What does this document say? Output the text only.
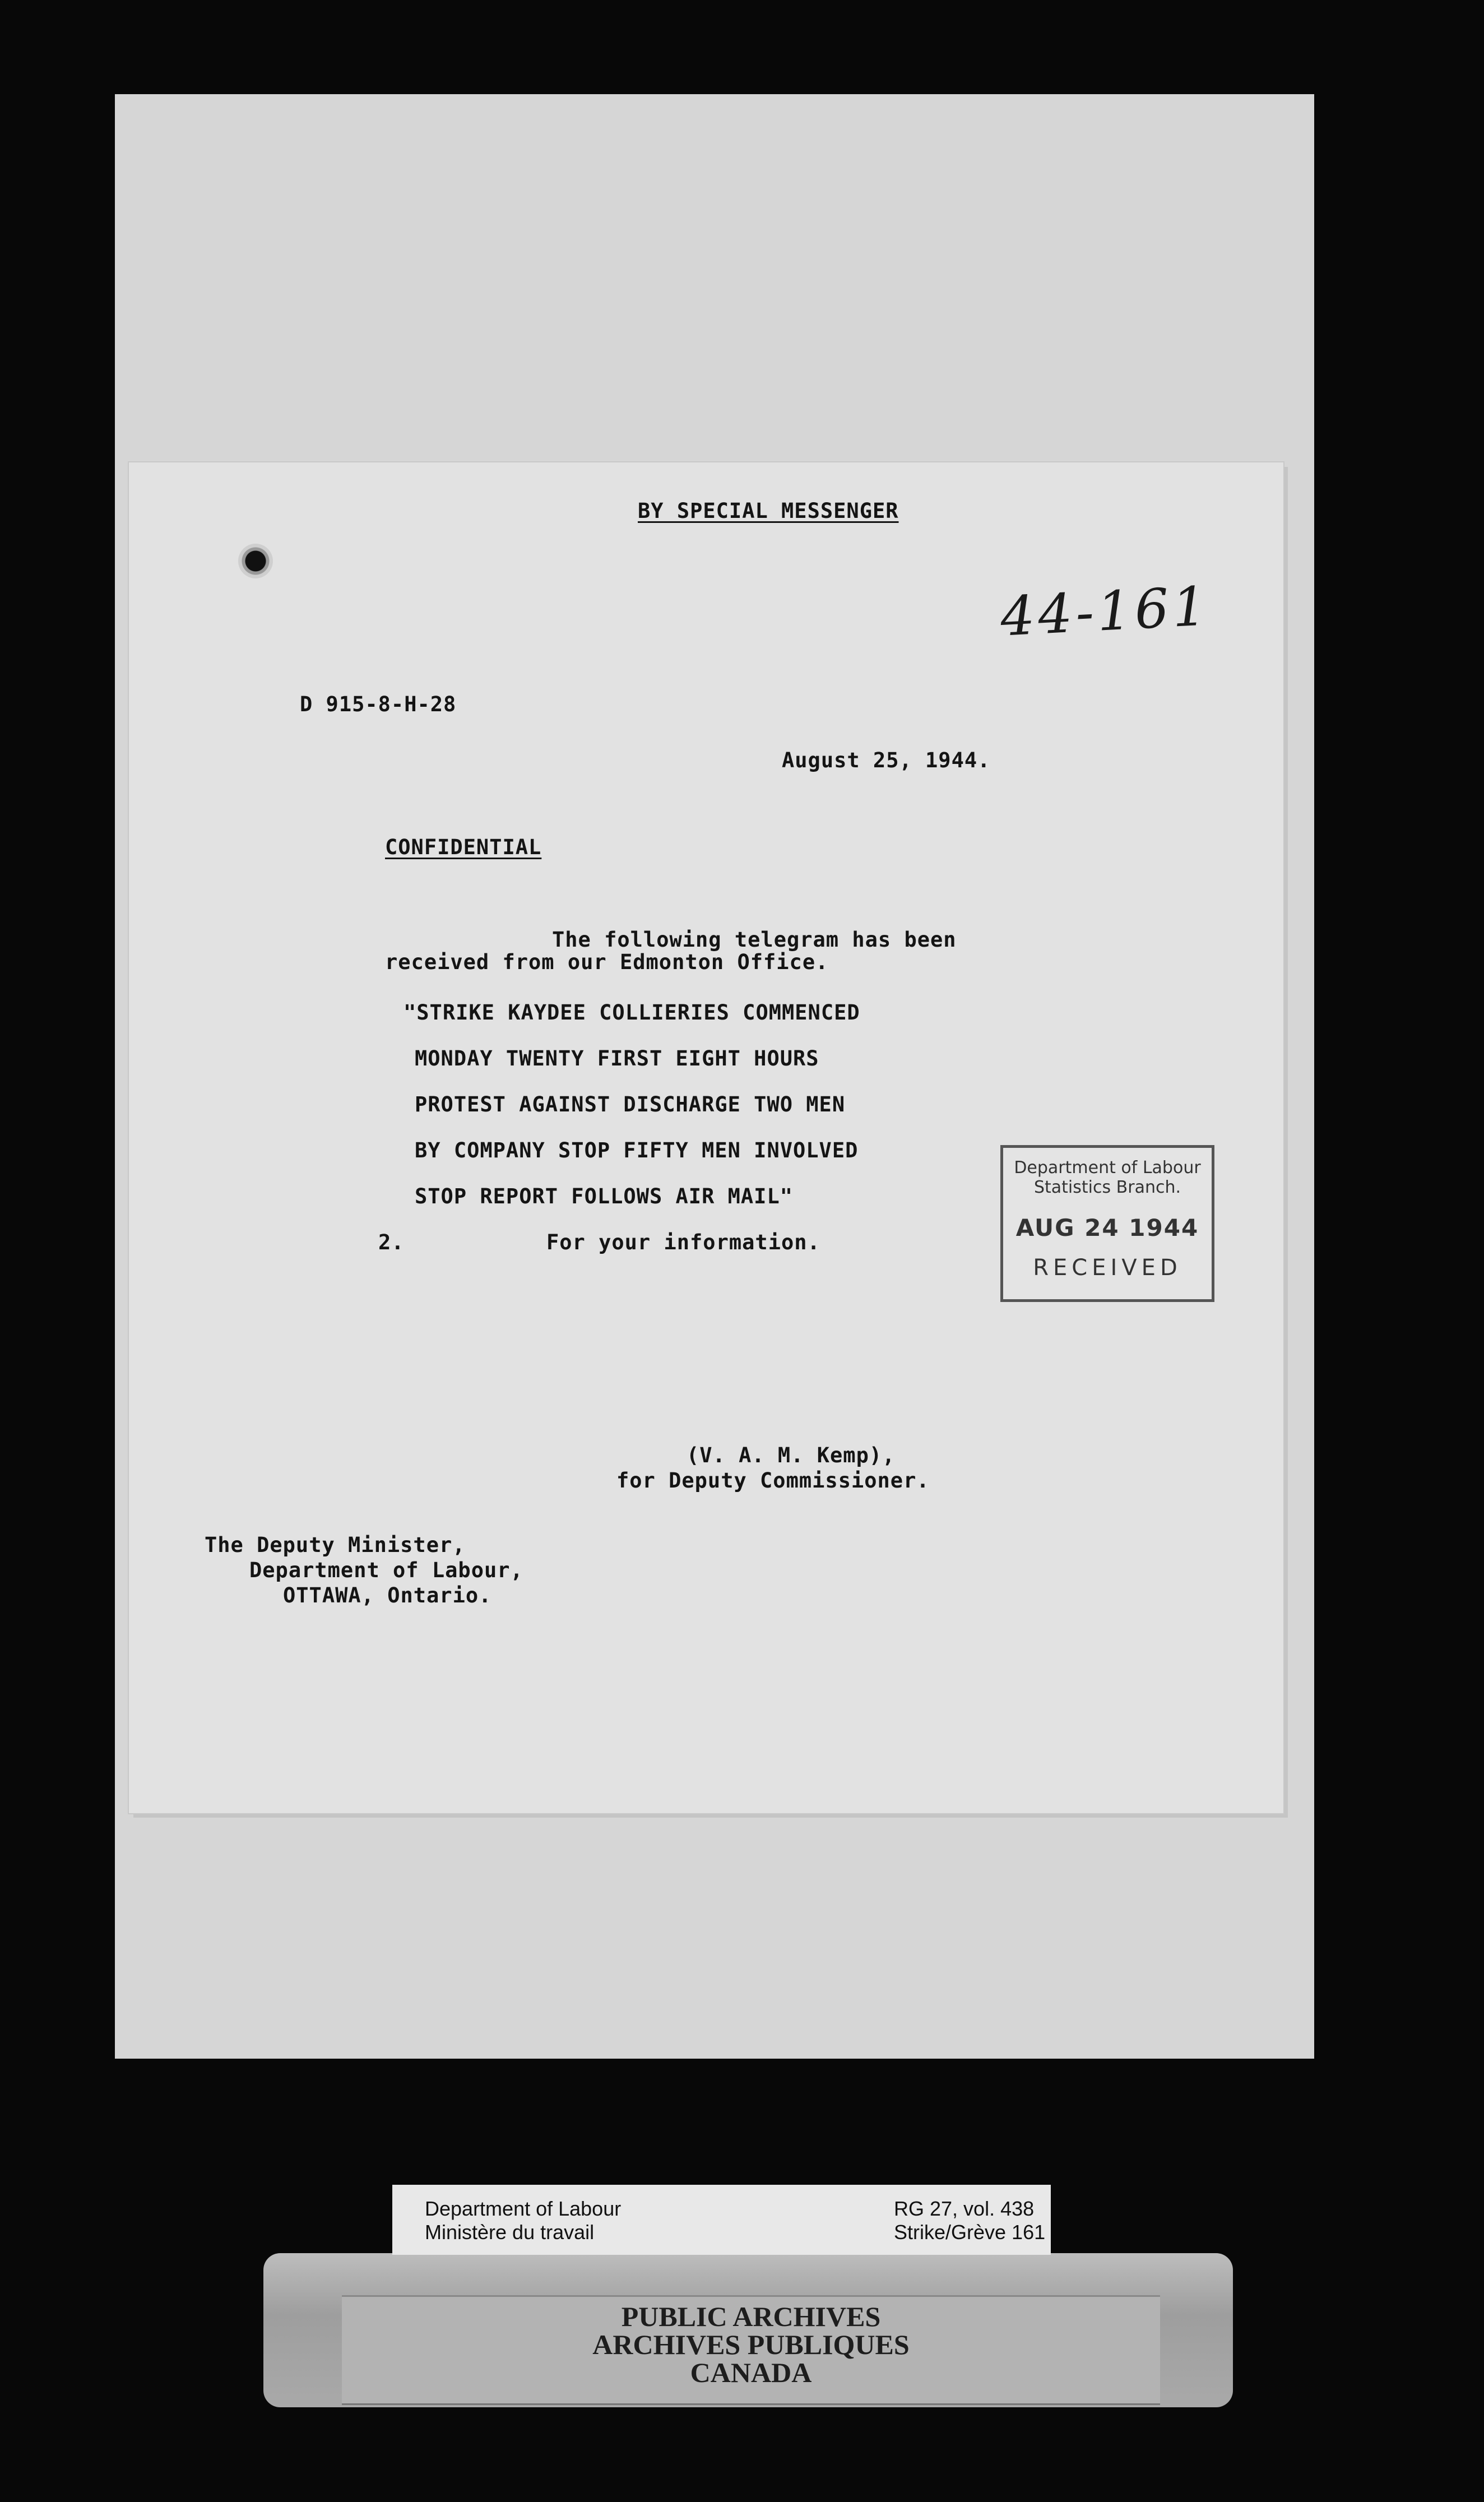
BY SPECIAL MESSENGER
44-161
D 915-8-H-28
August 25, 1944.
CONFIDENTIAL
The following telegram has been
received from our Edmonton Office.
"STRIKE KAYDEE COLLIERIES COMMENCED
MONDAY TWENTY FIRST EIGHT HOURS
PROTEST AGAINST DISCHARGE TWO MEN
BY COMPANY STOP FIFTY MEN INVOLVED
STOP REPORT FOLLOWS AIR MAIL"
2.	For your information.
Department of Labour
Statistics Branch.
AUG 24 1944
RECEIVED
(V. A. M. Kemp),
for Deputy Commissioner.
The Deputy Minister,
Department of Labour,
OTTAWA, Ontario.
PUBLIC ARCHIVES
ARCHIVES PUBLIQUES
CANADA
Department of Labour
Ministère du travail
RG 27, vol. 438
Strike/Grève 161
